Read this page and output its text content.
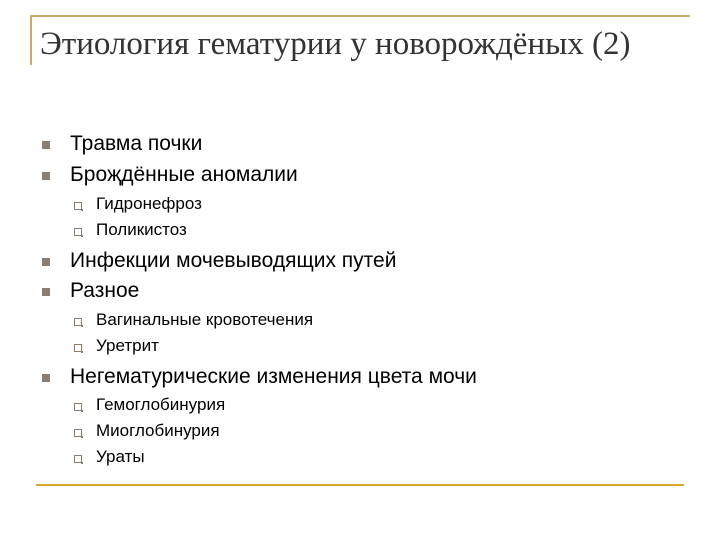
Этиология гематурии у новорождёных (2)
Травма почки
Броҗдённые аномалии
Гидронефроз
Поликистоз
Инфекции мочевыводящих путей
Разное
Вагинальные кровотечения
Уретрит
Негематурические изменения цвета мочи
Гемоглобинурия
Миоглобинурия
Ураты
